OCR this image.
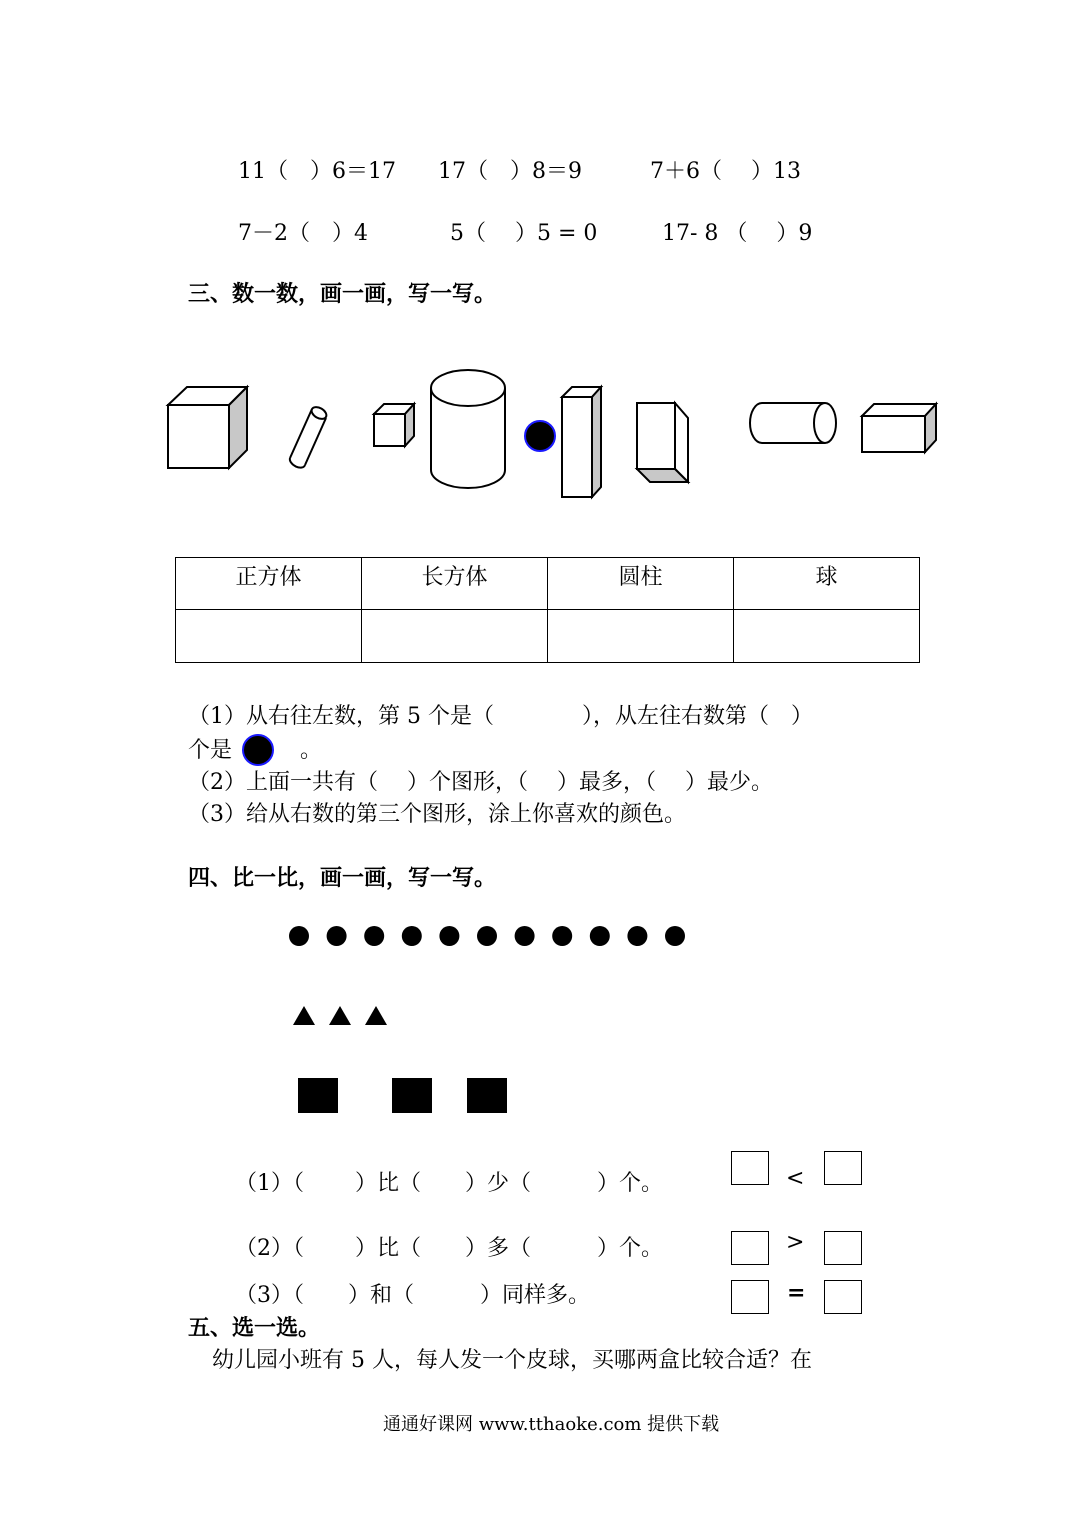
11（　）6＝17 17（　）8＝9	7＋6（　 ）13
7－2（　）4	5（　 ）5 = 0	17- 8 （　 ）9
三、数一数，画一画，写一写。
正方体	长方体	圆柱	球

（1）从右往左数，第 5 个是（　　　　），从左往右数第（　）
个是	。
（2）上面一共有（　 ）个图形，（　 ）最多，（　 ）最少。
（3）给从右数的第三个图形，涂上你喜欢的颜色。
四、比一比，画一画，写一写。
（1）（　　 ）比（　　）少（　　　）个。	<
（2）（　　 ）比（　　）多（　　　）个。	>
（3）（　　）和（　　　）同样多。	=
五、选一选。
幼儿园小班有 5 人，每人发一个皮球，买哪两盒比较合适？在
通通好课网 www.tthaoke.com 提供下载
